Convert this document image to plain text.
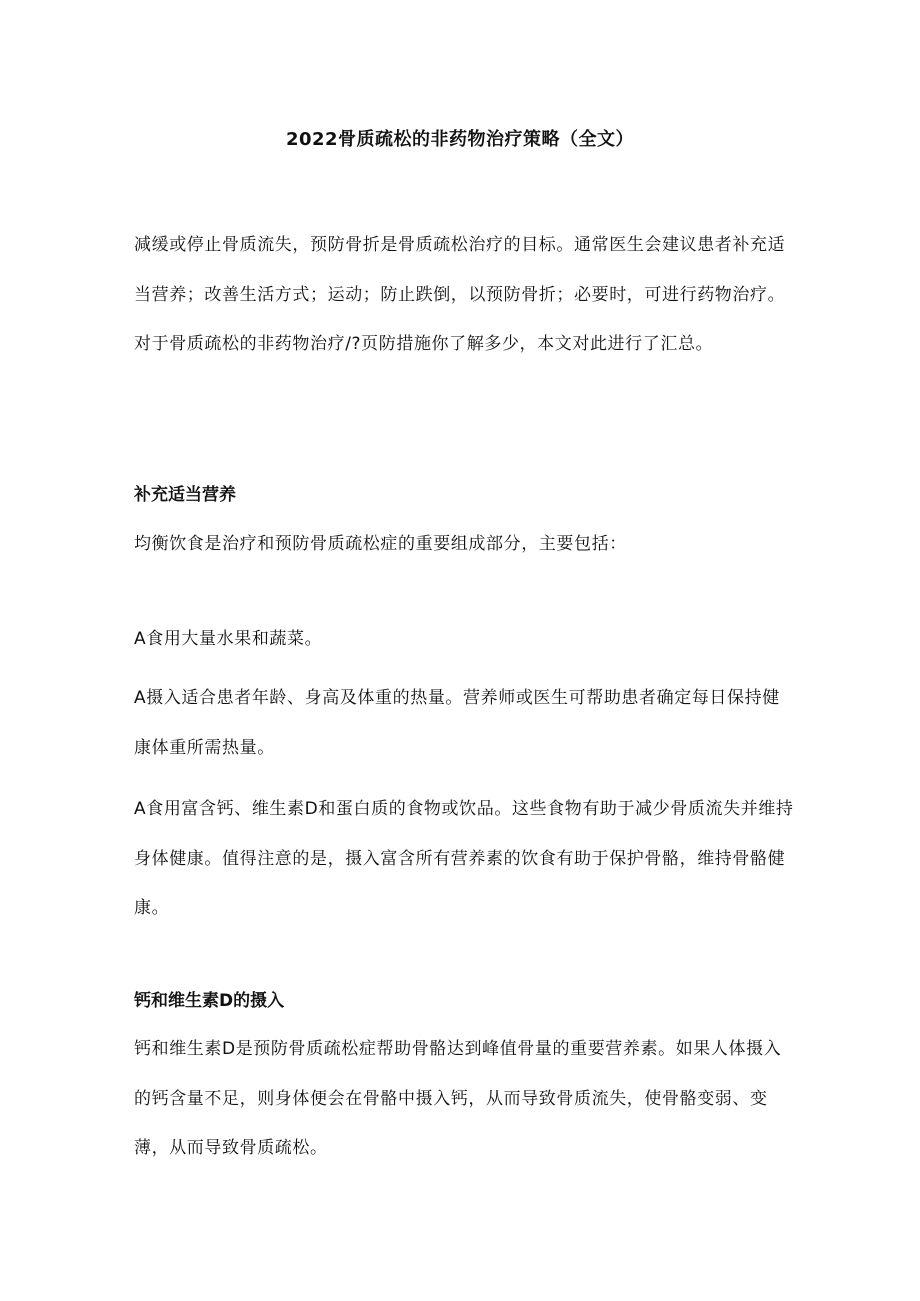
2022骨质疏松的非药物治疗策略（全文）
减缓或停止骨质流失，预防骨折是骨质疏松治疗的目标。通常医生会建议患者补充适当营养；改善生活方式；运动；防止跌倒，以预防骨折；必要时，可进行药物治疗。对于骨质疏松的非药物治疗/?页防措施你了解多少，本文对此进行了汇总。
补充适当营养
均衡饮食是治疗和预防骨质疏松症的重要组成部分，主要包括：
A食用大量水果和蔬菜。
A摄入适合患者年龄、身高及体重的热量。营养师或医生可帮助患者确定每日保持健康体重所需热量。
A食用富含钙、维生素D和蛋白质的食物或饮品。这些食物有助于减少骨质流失并维持身体健康。值得注意的是，摄入富含所有营养素的饮食有助于保护骨骼，维持骨骼健康。
钙和维生素D的摄入
钙和维生素D是预防骨质疏松症帮助骨骼达到峰值骨量的重要营养素。如果人体摄入的钙含量不足，则身体便会在骨骼中摄入钙，从而导致骨质流失，使骨骼变弱、变薄，从而导致骨质疏松。
